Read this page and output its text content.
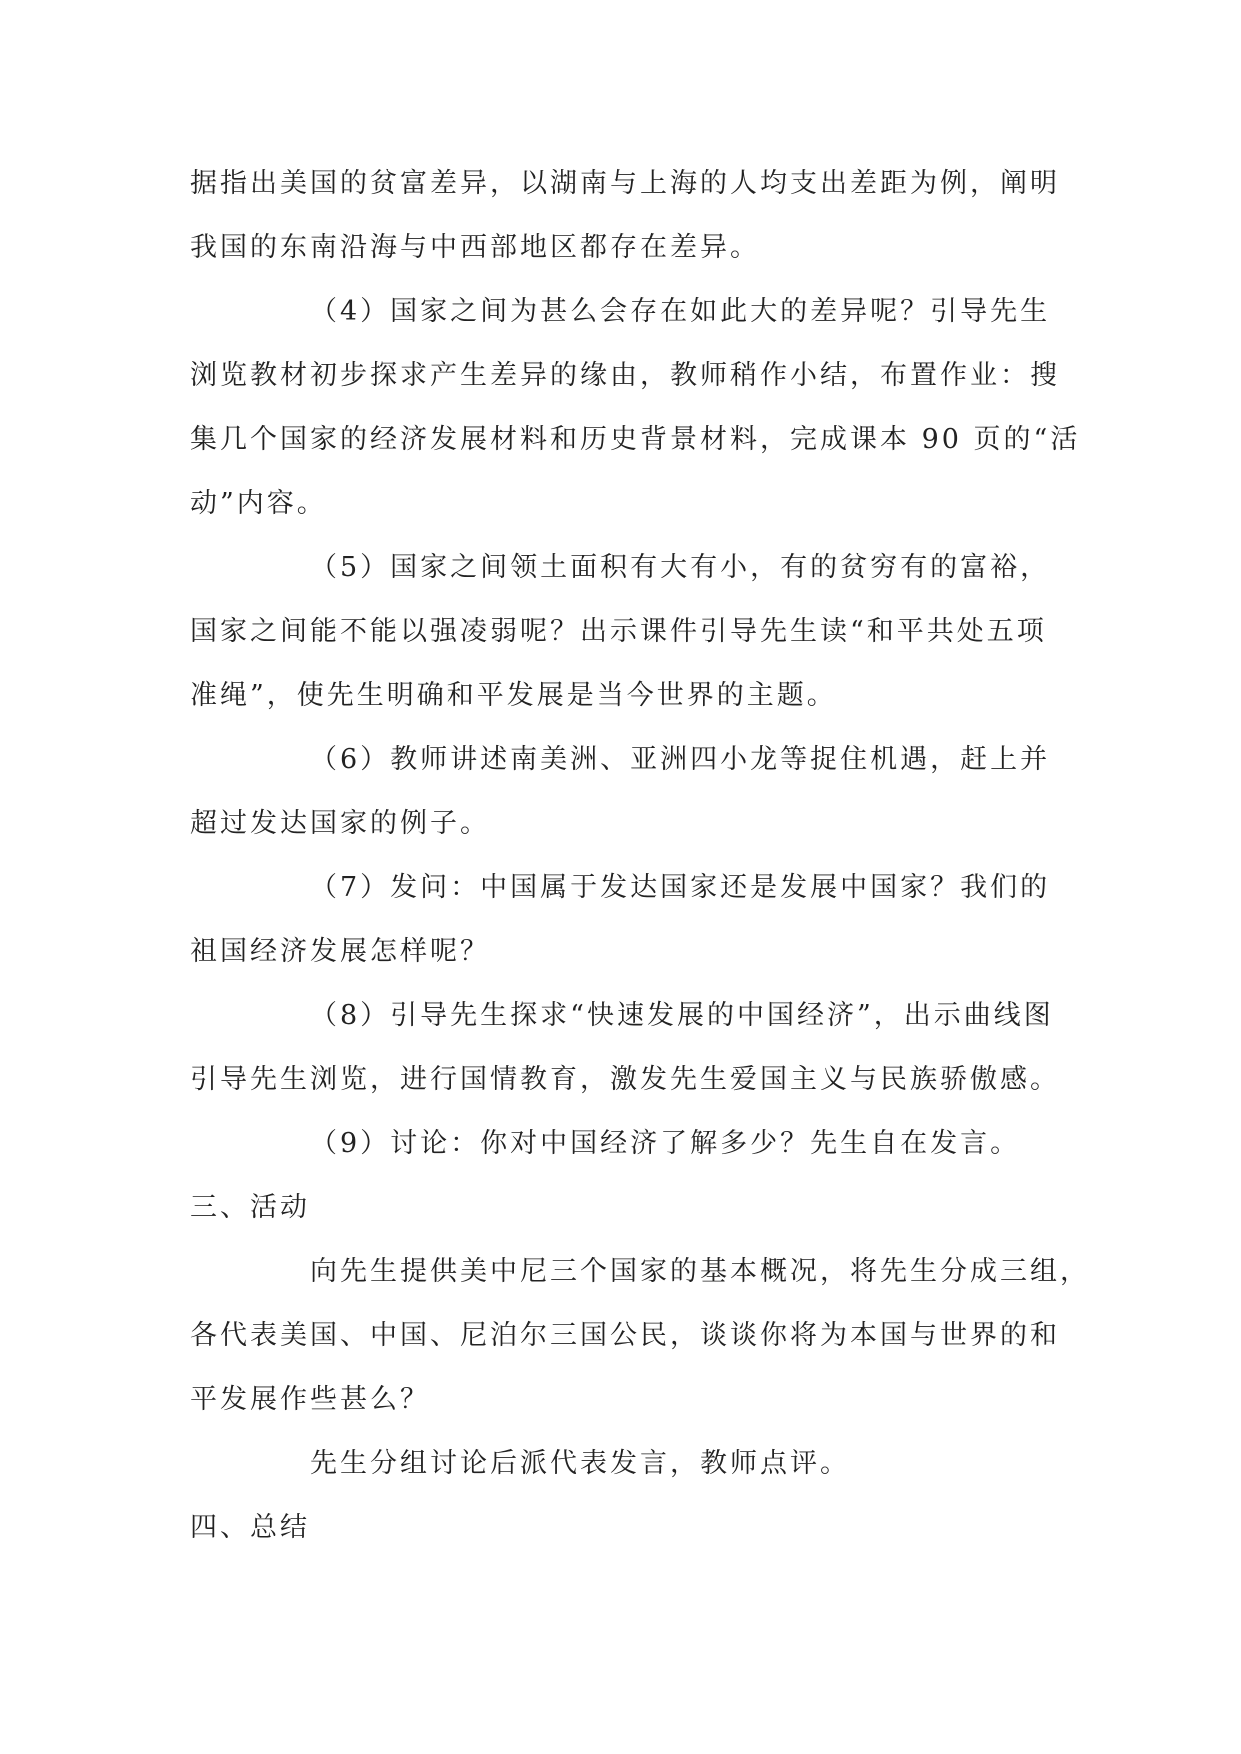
据指出美国的贫富差异，以湖南与上海的人均支出差距为例，阐明
我国的东南沿海与中西部地区都存在差异。
（4）国家之间为甚么会存在如此大的差异呢？引导先生
浏览教材初步探求产生差异的缘由，教师稍作小结，布置作业：搜
集几个国家的经济发展材料和历史背景材料，完成课本 90 页的“活
动”内容。
（5）国家之间领土面积有大有小，有的贫穷有的富裕，
国家之间能不能以强凌弱呢？出示课件引导先生读“和平共处五项
准绳”，使先生明确和平发展是当今世界的主题。
（6）教师讲述南美洲、亚洲四小龙等捉住机遇，赶上并
超过发达国家的例子。
（7）发问：中国属于发达国家还是发展中国家？我们的
祖国经济发展怎样呢？
（8）引导先生探求“快速发展的中国经济”，出示曲线图
引导先生浏览，进行国情教育，激发先生爱国主义与民族骄傲感。
（9）讨论：你对中国经济了解多少？先生自在发言。
三、活动
向先生提供美中尼三个国家的基本概况，将先生分成三组，
各代表美国、中国、尼泊尔三国公民，谈谈你将为本国与世界的和
平发展作些甚么？
先生分组讨论后派代表发言，教师点评。
四、总结
